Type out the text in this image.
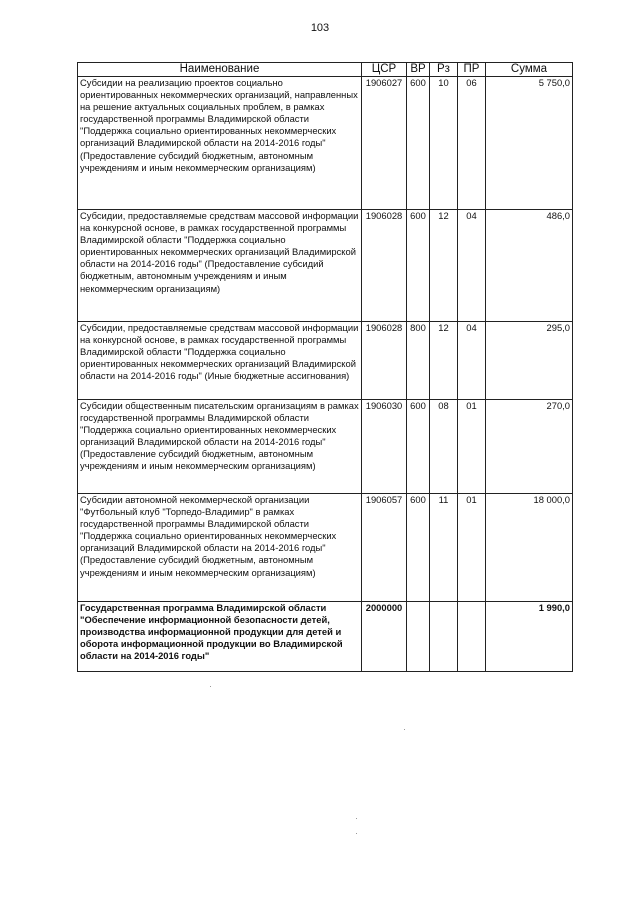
103
Наименование	ЦСР	ВР	Рз	ПР	Сумма
Субсидии на реализацию проектов социально ориентированных некоммерческих организаций, направленных на решение актуальных социальных проблем, в рамках государственной программы Владимирской области "Поддержка социально ориентированных некоммерческих организаций Владимирской области на 2014-2016 годы" (Предоставление субсидий бюджетным, автономным учреждениям и иным некоммерческим организациям)	1906027	600	10	06	5 750,0
Субсидии, предоставляемые средствам массовой информации на конкурсной основе, в рамках государственной программы Владимирской области "Поддержка социально ориентированных некоммерческих организаций Владимирской области на 2014-2016 годы" (Предоставление субсидий бюджетным, автономным учреждениям и иным некоммерческим организациям)	1906028	600	12	04	486,0
Субсидии, предоставляемые средствам массовой информации на конкурсной основе, в рамках государственной программы Владимирской области "Поддержка социально ориентированных некоммерческих организаций Владимирской области на 2014-2016 годы" (Иные бюджетные ассигнования)	1906028	800	12	04	295,0
Субсидии общественным писательским организациям в рамках государственной программы Владимирской области "Поддержка социально ориентированных некоммерческих организаций Владимирской области на 2014-2016 годы" (Предоставление субсидий бюджетным, автономным учреждениям и иным некоммерческим организациям)	1906030	600	08	01	270,0
Субсидии автономной некоммерческой организации "Футбольный клуб "Торпедо-Владимир" в рамках государственной программы Владимирской области "Поддержка социально ориентированных некоммерческих организаций Владимирской области на 2014-2016 годы" (Предоставление субсидий бюджетным, автономным учреждениям и иным некоммерческим организациям)	1906057	600	11	01	18 000,0
Государственная программа Владимирской области "Обеспечение информационной безопасности детей, производства информационной продукции для детей и оборота информационной продукции во Владимирской области на 2014-2016 годы"	2000000				1 990,0
